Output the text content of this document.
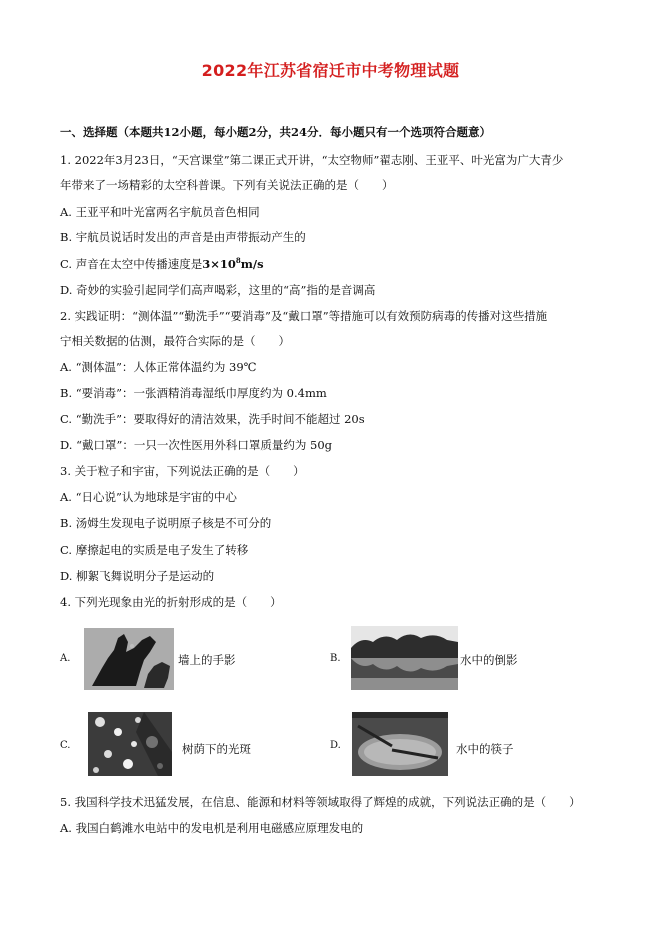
2022年江苏省宿迁市中考物理试题
一、选择题（本题共12小题，每小题2分，共24分．每小题只有一个选项符合题意）
1. 2022年3月23日，“天宫课堂”第二课正式开讲，“太空物师”翟志刚、王亚平、叶光富为广大青少
年带来了一场精彩的太空科普课。下列有关说法正确的是（　　）
A. 王亚平和叶光富两名宇航员音色相同
B. 宇航员说话时发出的声音是由声带振动产生的
C. 声音在太空中传播速度是$3\times 10^8m/s$
D. 奇妙的实验引起同学们高声喝彩，这里的“高”指的是音调高
2. 实践证明：“测体温”“勤洗手”“要消毒”及“戴口罩”等措施可以有效预防病毒的传播对这些措施
宁相关数据的估测，最符合实际的是（　　）
A. “测体温”：人体正常体温约为 39℃
B. “要消毒”：一张酒精消毒湿纸巾厚度约为 0.4mm
C. “勤洗手”：要取得好的清洁效果，洗手时间不能超过 20s
D. “戴口罩”：一只一次性医用外科口罩质量约为 50g
3. 关于粒子和宇宙，下列说法正确的是（　　）
A. “日心说”认为地球是宇宙的中心
B. 汤姆生发现电子说明原子核是不可分的
C. 摩擦起电的实质是电子发生了转移
D. 柳絮飞舞说明分子是运动的
4. 下列光现象由光的折射形成的是（　　）
A.	墙上的手影	B.	水中的倒影
C.	树荫下的光斑	D.	水中的筷子
5. 我国科学技术迅猛发展，在信息、能源和材料等领域取得了辉煌的成就，下列说法正确的是（　　）
A. 我国白鹤滩水电站中的发电机是利用电磁感应原理发电的
